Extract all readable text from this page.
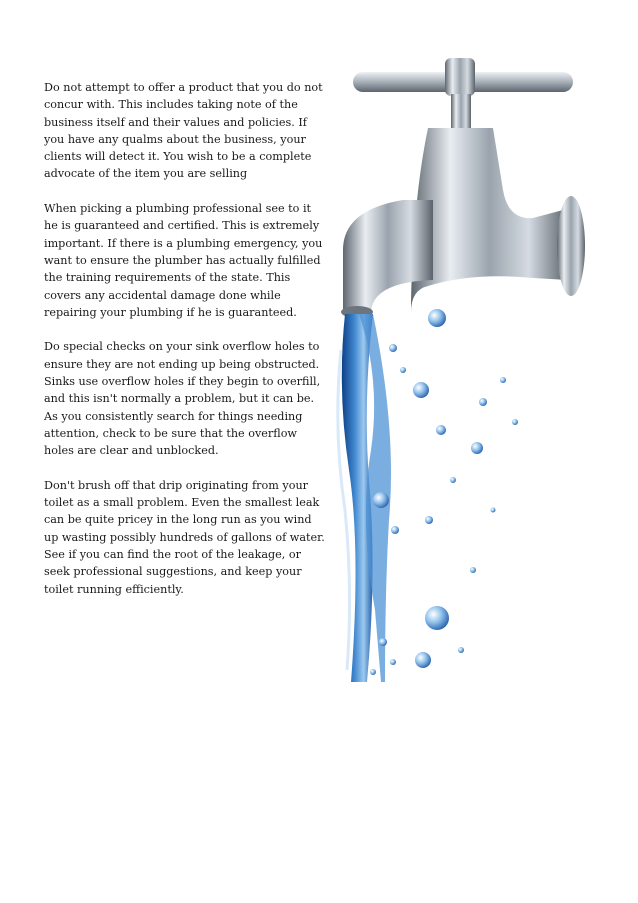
Do not attempt to offer a product that you do not concur with. This includes taking note of the business itself and their values and policies. If you have any qualms about the business, your clients will detect it. You wish to be a complete advocate of the item you are selling

When picking a plumbing professional see to it he is guaranteed and certified. This is extremely important. If there is a plumbing emergency, you want to ensure the plumber has actually fulfilled the training requirements of the state. This covers any accidental damage done while repairing your plumbing if he is guaranteed.

Do special checks on your sink overflow holes to ensure they are not ending up being obstructed. Sinks use overflow holes if they begin to overfill, and this isn't normally a problem, but it can be. As you consistently search for things needing attention, check to be sure that the overflow holes are clear and unblocked.

Don't brush off that drip originating from your toilet as a small problem. Even the smallest leak can be quite pricey in the long run as you wind up wasting possibly hundreds of gallons of water. See if you can find the root of the leakage, or seek professional suggestions, and keep your toilet running efficiently.
